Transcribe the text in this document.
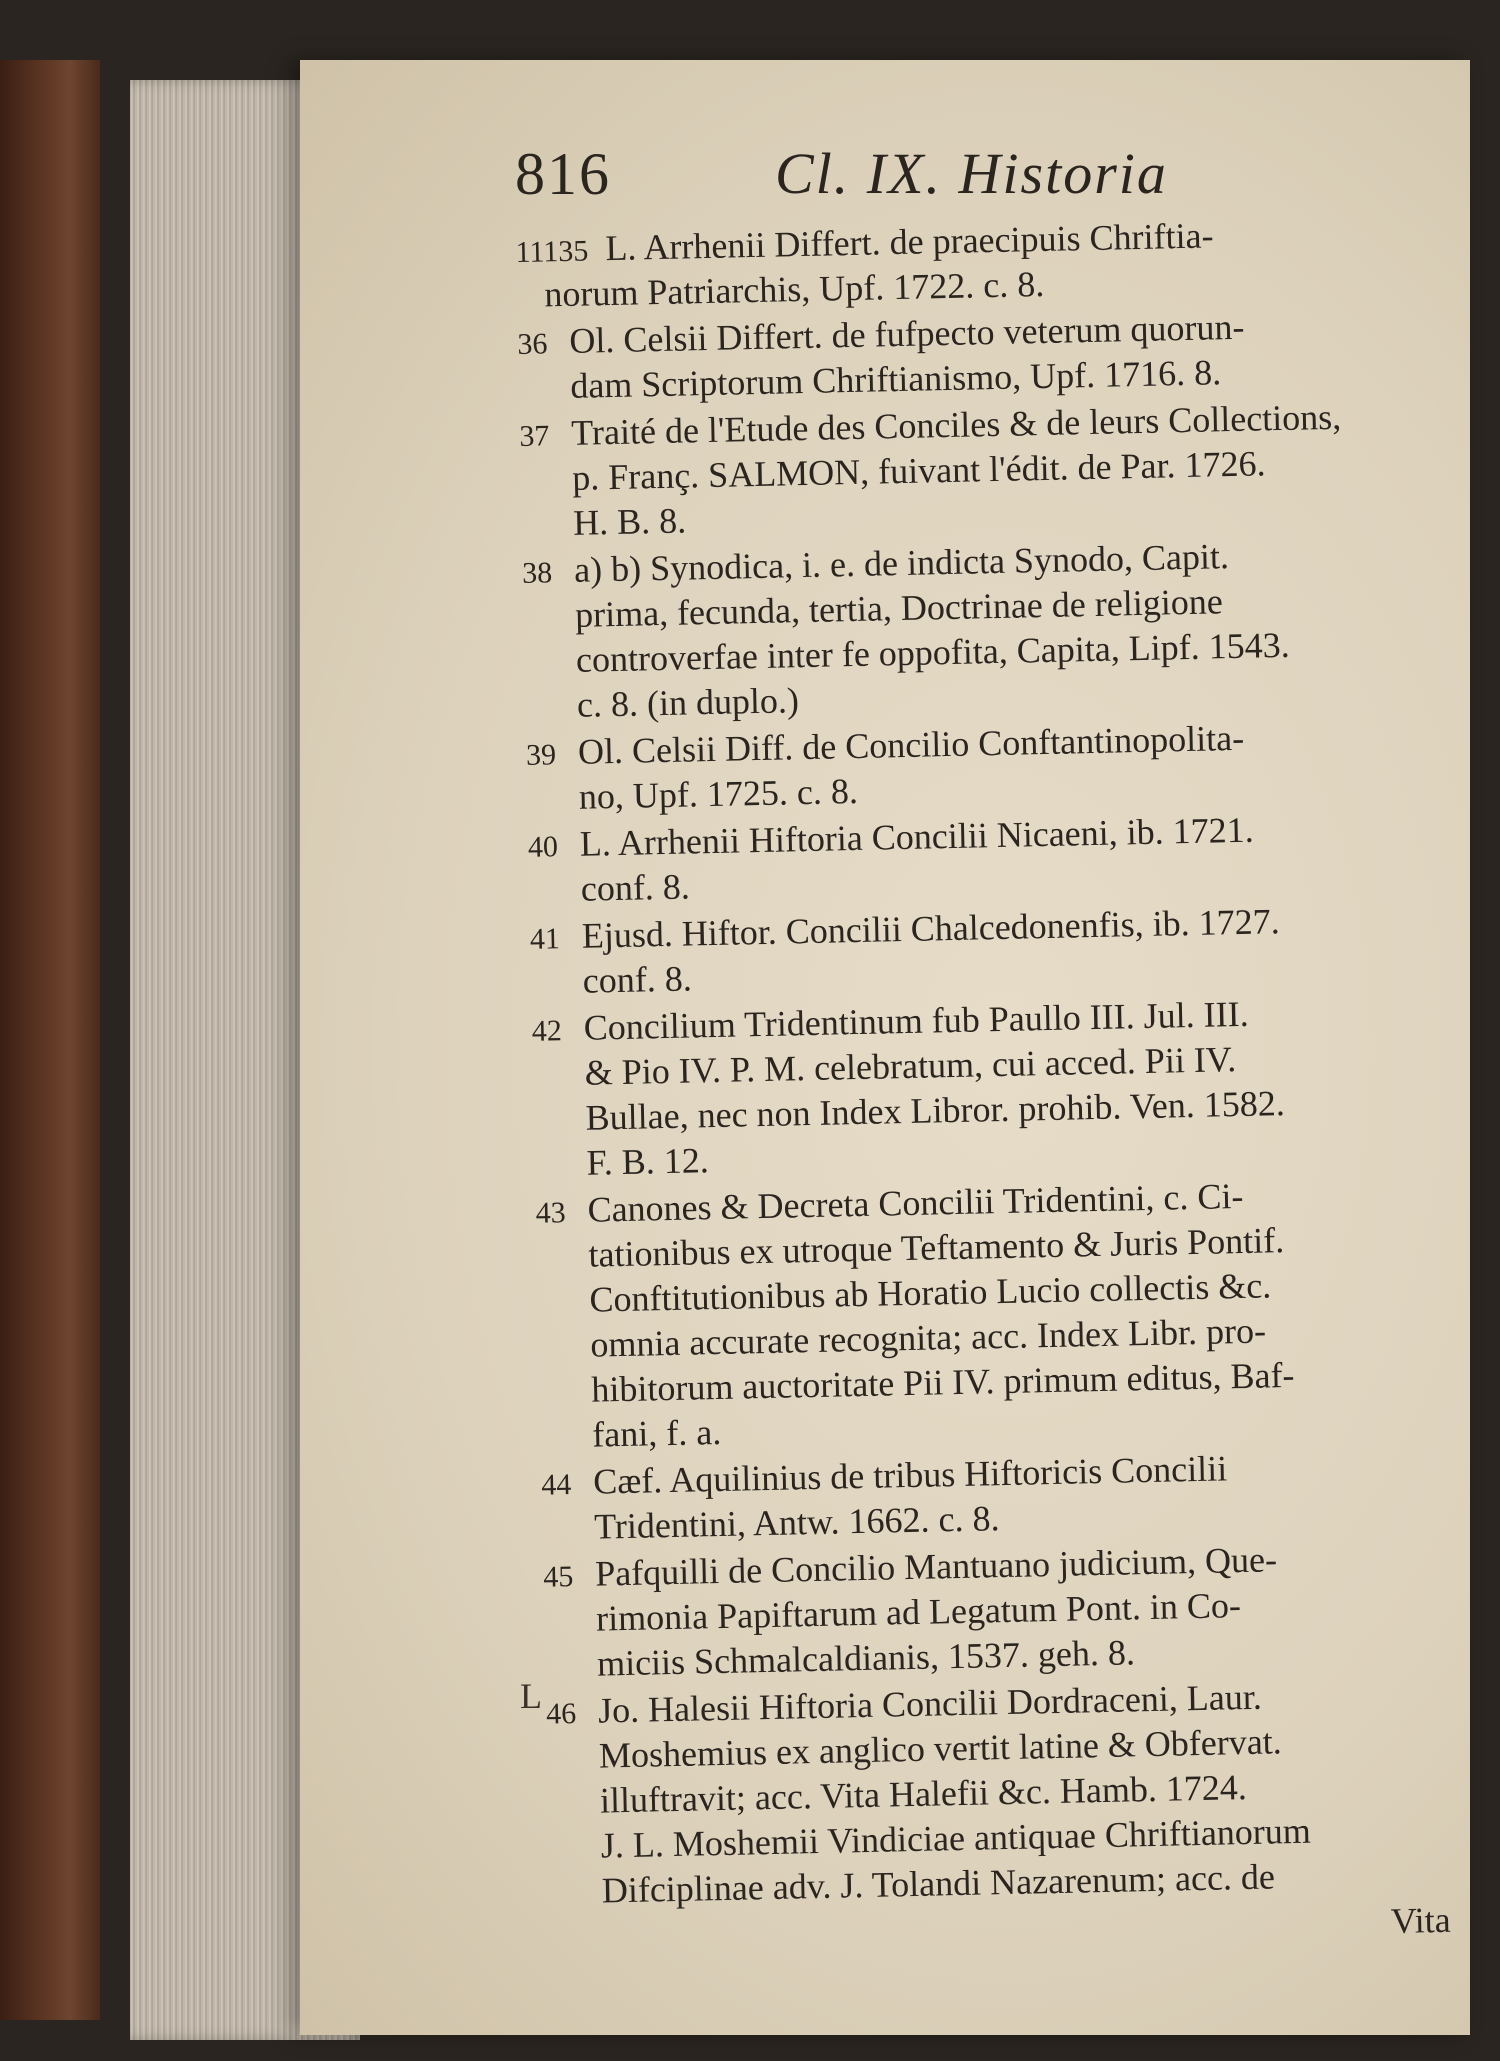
816	Cl. IX. Historia
11135 L. Arrhenii Differt. de praecipuis Chriftia-
norum Patriarchis, Upf. 1722. c. 8.
36 Ol. Celsii Differt. de fufpecto veterum quorun-
dam Scriptorum Chriftianismo, Upf. 1716. 8.
37 Traité de l'Etude des Conciles & de leurs Collections,
p. Franç. SALMON, fuivant l'édit. de Par. 1726.
H. B. 8.
38 a) b) Synodica, i. e. de indicta Synodo, Capit.
prima, fecunda, tertia, Doctrinae de religione
controverfae inter fe oppofita, Capita, Lipf. 1543.
c. 8. (in duplo.)
39 Ol. Celsii Diff. de Concilio Conftantinopolita-
no, Upf. 1725. c. 8.
40 L. Arrhenii Hiftoria Concilii Nicaeni, ib. 1721.
conf. 8.
41 Ejusd. Hiftor. Concilii Chalcedonenfis, ib. 1727.
conf. 8.
42 Concilium Tridentinum fub Paullo III. Jul. III.
& Pio IV. P. M. celebratum, cui acced. Pii IV.
Bullae, nec non Index Libror. prohib. Ven. 1582.
F. B. 12.
43 Canones & Decreta Concilii Tridentini, c. Ci-
tationibus ex utroque Teftamento & Juris Pontif.
Conftitutionibus ab Horatio Lucio collectis &c.
omnia accurate recognita; acc. Index Libr. pro-
hibitorum auctoritate Pii IV. primum editus, Baf-
fani, f. a.
44 Cæf. Aquilinius de tribus Hiftoricis Concilii
Tridentini, Antw. 1662. c. 8.
45 Pafquilli de Concilio Mantuano judicium, Que-
rimonia Papiftarum ad Legatum Pont. in Co-
miciis Schmalcaldianis, 1537. geh. 8.
46 Jo. Halesii Hiftoria Concilii Dordraceni, Laur.
Moshemius ex anglico vertit latine & Obfervat.
illuftravit; acc. Vita Halefii &c. Hamb. 1724.
J. L. Moshemii Vindiciae antiquae Chriftianorum
Difciplinae adv. J. Tolandi Nazarenum; acc. de
Vita
L
